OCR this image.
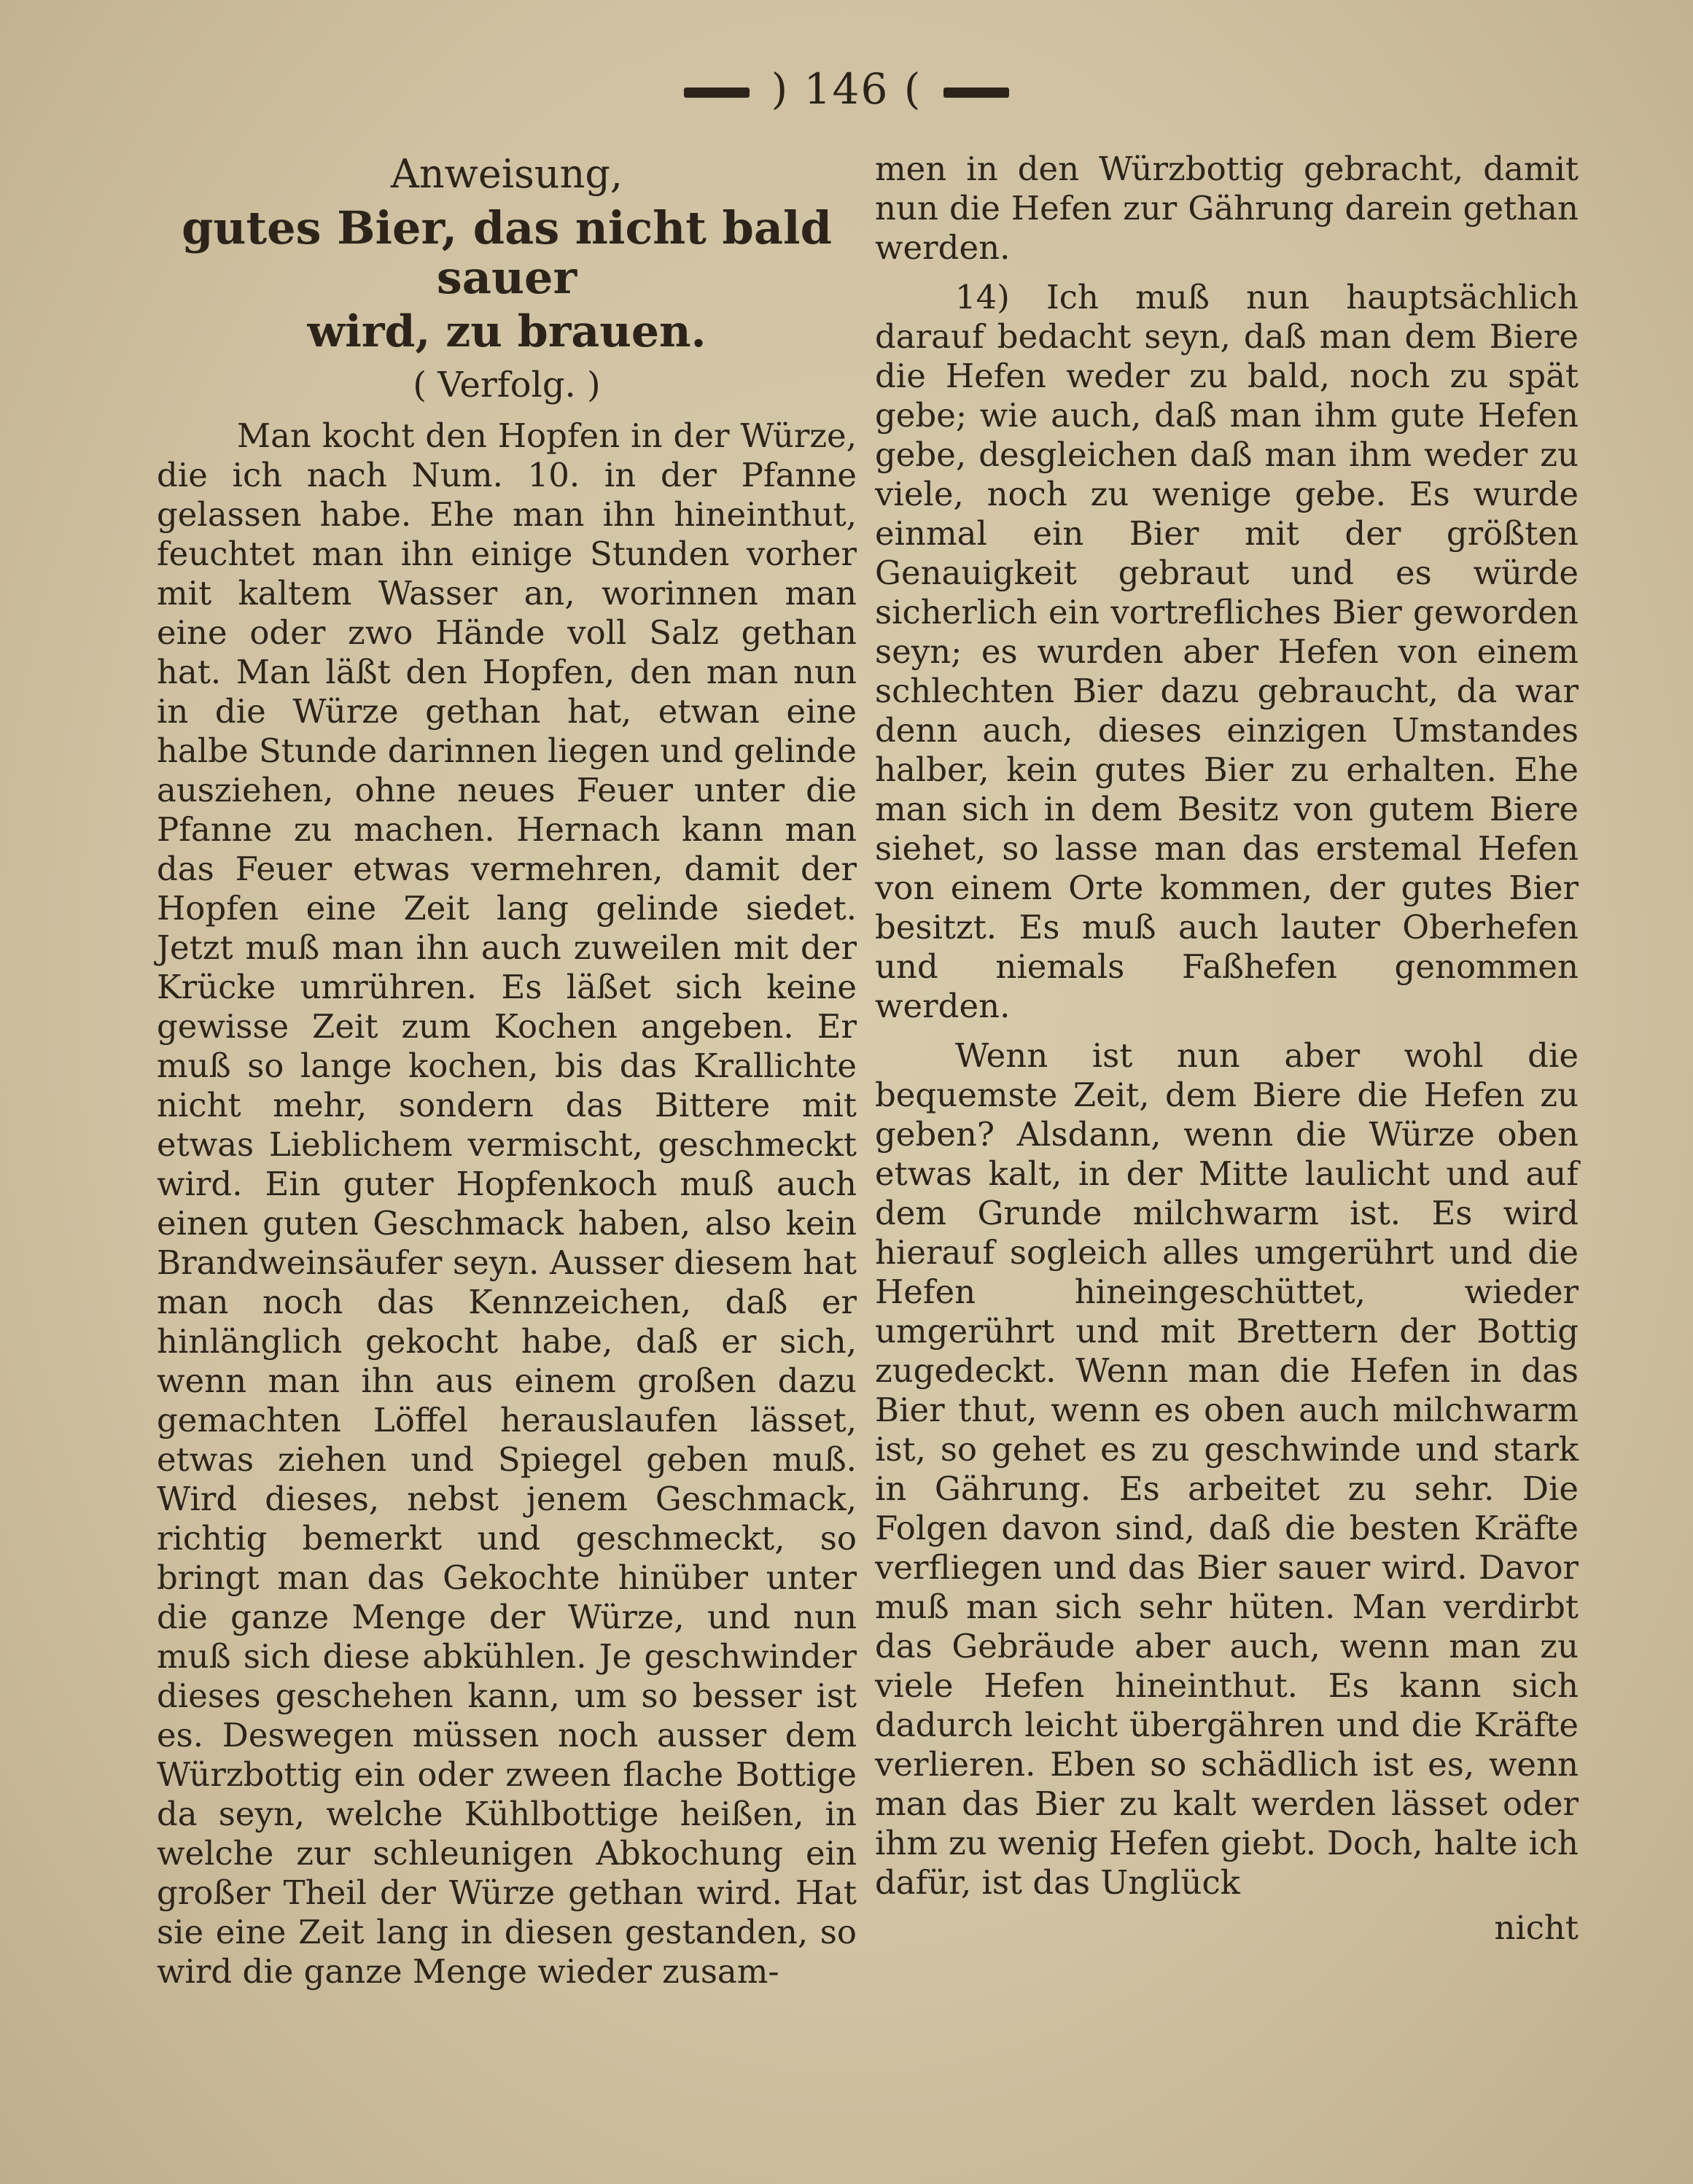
) 146 (
Anweisung,
gutes Bier, das nicht bald sauer
wird, zu brauen.
( Verfolg. )

Man kocht den Hopfen in der Würze, die ich nach Num. 10. in der Pfanne gelassen habe. Ehe man ihn hineinthut, feuchtet man ihn einige Stunden vorher mit kaltem Wasser an, worinnen man eine oder zwo Hände voll Salz gethan hat. Man läßt den Hopfen, den man nun in die Würze gethan hat, etwan eine halbe Stunde darinnen liegen und gelinde ausziehen, ohne neues Feuer unter die Pfanne zu machen. Hernach kann man das Feuer etwas vermehren, damit der Hopfen eine Zeit lang gelinde siedet. Jetzt muß man ihn auch zuweilen mit der Krücke umrühren. Es läßet sich keine gewisse Zeit zum Kochen angeben. Er muß so lange kochen, bis das Krallichte nicht mehr, sondern das Bittere mit etwas Lieblichem vermischt, geschmeckt wird. Ein guter Hopfenkoch muß auch einen guten Geschmack haben, also kein Brandweinsäufer seyn. Ausser diesem hat man noch das Kennzeichen, daß er hinlänglich gekocht habe, daß er sich, wenn man ihn aus einem großen dazu gemachten Löffel herauslaufen lässet, etwas ziehen und Spiegel geben muß. Wird dieses, nebst jenem Geschmack, richtig bemerkt und geschmeckt, so bringt man das Gekochte hinüber unter die ganze Menge der Würze, und nun muß sich diese abkühlen. Je geschwinder dieses geschehen kann, um so besser ist es. Deswegen müssen noch ausser dem Würzbottig ein oder zween flache Bottige da seyn, welche Kühlbottige heißen, in welche zur schleunigen Abkochung ein großer Theil der Würze gethan wird. Hat sie eine Zeit lang in diesen gestanden, so wird die ganze Menge wieder zusam-

men in den Würzbottig gebracht, damit nun die Hefen zur Gährung darein gethan werden.

14) Ich muß nun hauptsächlich darauf bedacht seyn, daß man dem Biere die Hefen weder zu bald, noch zu spät gebe; wie auch, daß man ihm gute Hefen gebe, desgleichen daß man ihm weder zu viele, noch zu wenige gebe. Es wurde einmal ein Bier mit der größten Genauigkeit gebraut und es würde sicherlich ein vortrefliches Bier geworden seyn; es wurden aber Hefen von einem schlechten Bier dazu gebraucht, da war denn auch, dieses einzigen Umstandes halber, kein gutes Bier zu erhalten. Ehe man sich in dem Besitz von gutem Biere siehet, so lasse man das erstemal Hefen von einem Orte kommen, der gutes Bier besitzt. Es muß auch lauter Oberhefen und niemals Faßhefen genommen werden.

Wenn ist nun aber wohl die bequemste Zeit, dem Biere die Hefen zu geben? Alsdann, wenn die Würze oben etwas kalt, in der Mitte laulicht und auf dem Grunde milchwarm ist. Es wird hierauf sogleich alles umgerührt und die Hefen hineingeschüttet, wieder umgerührt und mit Brettern der Bottig zugedeckt. Wenn man die Hefen in das Bier thut, wenn es oben auch milchwarm ist, so gehet es zu geschwinde und stark in Gährung. Es arbeitet zu sehr. Die Folgen davon sind, daß die besten Kräfte verfliegen und das Bier sauer wird. Davor muß man sich sehr hüten. Man verdirbt das Gebräude aber auch, wenn man zu viele Hefen hineinthut. Es kann sich dadurch leicht übergähren und die Kräfte verlieren. Eben so schädlich ist es, wenn man das Bier zu kalt werden lässet oder ihm zu wenig Hefen giebt. Doch, halte ich dafür, ist das Unglück

nicht
